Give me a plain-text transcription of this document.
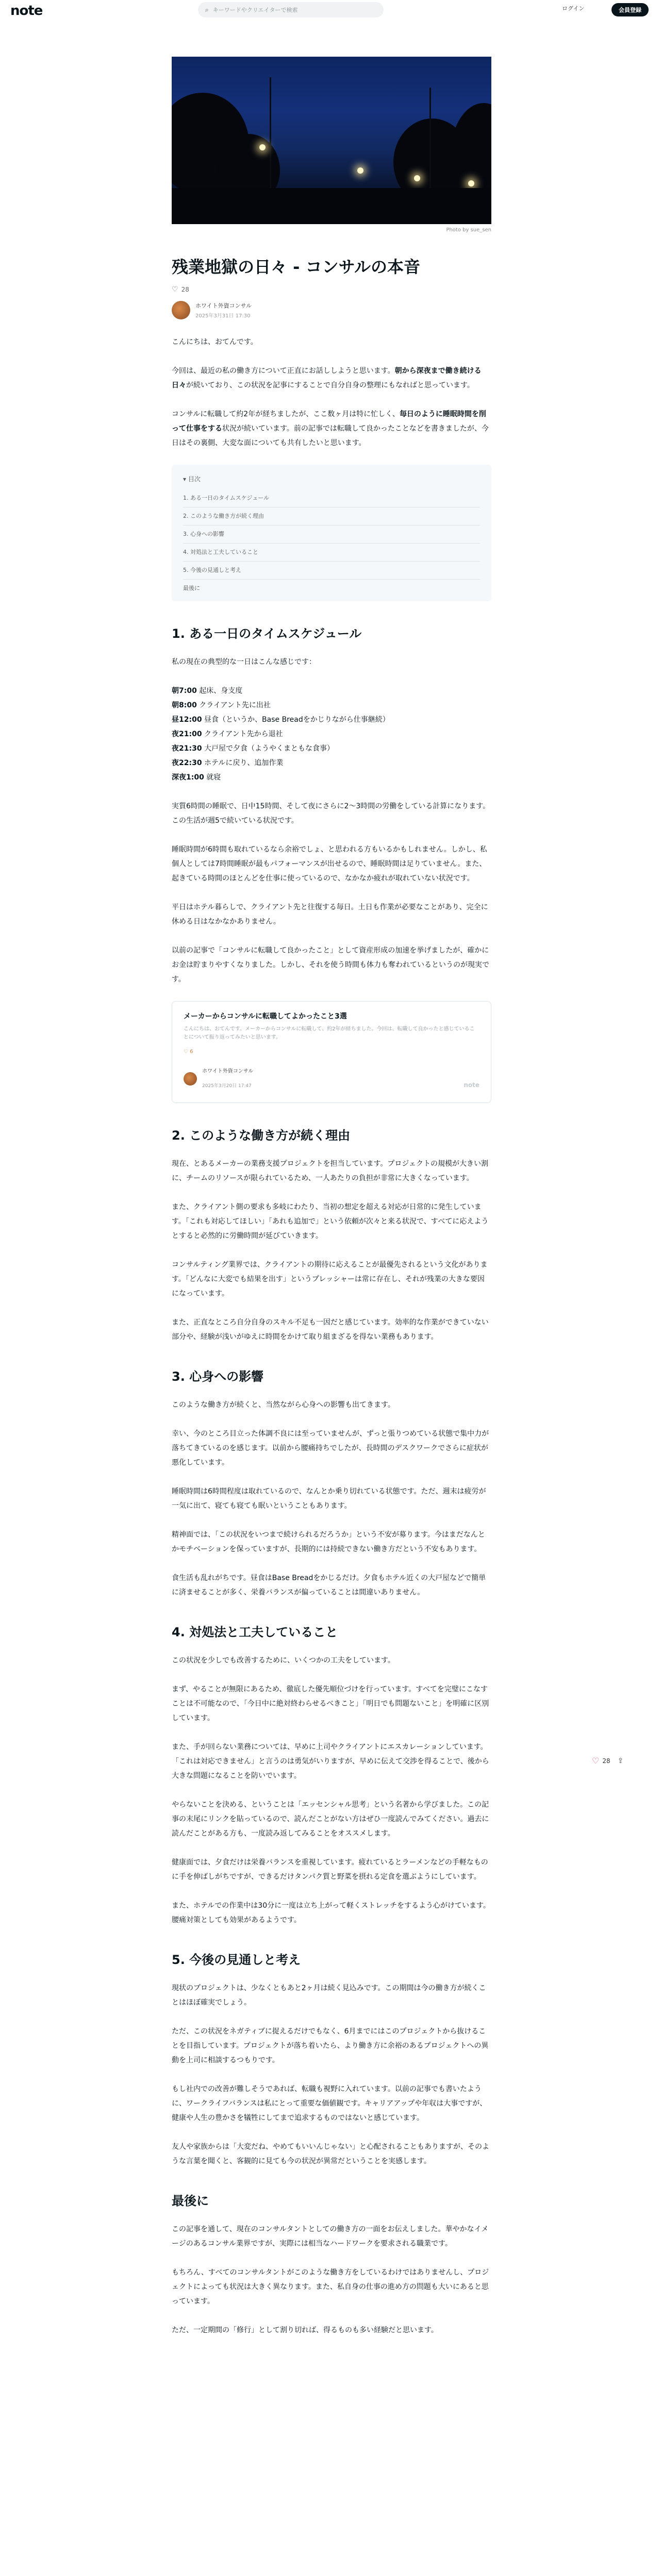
note	⌕ キーワードやクリエイターで検索	ログイン	会員登録
Photo by sue_sen
残業地獄の日々 - コンサルの本音
♡ 28
ホワイト外資コンサル
2025年3月31日 17:30

こんにちは、おてんです。

今回は、最近の私の働き方について正直にお話ししようと思います。朝から深夜まで働き続ける日々が続いており、この状況を記事にすることで自分自身の整理にもなればと思っています。

コンサルに転職して約2年が経ちましたが、ここ数ヶ月は特に忙しく、毎日のように睡眠時間を削って仕事をする状況が続いています。前の記事では転職して良かったことなどを書きましたが、今日はその裏側、大変な面についても共有したいと思います。

▾ 目次
1. ある一日のタイムスケジュール
2. このような働き方が続く理由
3. 心身への影響
4. 対処法と工夫していること
5. 今後の見通しと考え
最後に
1. ある一日のタイムスケジュール

私の現在の典型的な一日はこんな感じです：

朝7:00 起床、身支度

朝8:00 クライアント先に出社

昼12:00 昼食（というか、Base Breadをかじりながら仕事継続）

夜21:00 クライアント先から退社

夜21:30 大戸屋で夕食（ようやくまともな食事）

夜22:30 ホテルに戻り、追加作業

深夜1:00 就寝

実質6時間の睡眠で、日中15時間、そして夜にさらに2〜3時間の労働をしている計算になります。この生活が週5で続いている状況です。

睡眠時間が6時間も取れているなら余裕でしょ、と思われる方もいるかもしれません。しかし、私個人としては7時間睡眠が最もパフォーマンスが出せるので、睡眠時間は足りていません。また、起きている時間のほとんどを仕事に使っているので、なかなか疲れが取れていない状況です。

平日はホテル暮らしで、クライアント先と往復する毎日。土日も作業が必要なことがあり、完全に休める日はなかなかありません。

以前の記事で「コンサルに転職して良かったこと」として資産形成の加速を挙げましたが、確かにお金は貯まりやすくなりました。しかし、それを使う時間も体力も奪われているというのが現実です。

メーカーからコンサルに転職してよかったこと3選
こんにちは、おてんです。メーカーからコンサルに転職して、約2年が経ちました。今回は、転職して良かったと感じていることについて振り返ってみたいと思います。
♡ 6
ホワイト外資コンサル
2025年3月20日 17:47	note
2. このような働き方が続く理由

現在、とあるメーカーの業務支援プロジェクトを担当しています。プロジェクトの規模が大きい割に、チームのリソースが限られているため、一人あたりの負担が非常に大きくなっています。

また、クライアント側の要求も多岐にわたり、当初の想定を超える対応が日常的に発生しています。「これも対応してほしい」「あれも追加で」という依頼が次々と来る状況で、すべてに応えようとすると必然的に労働時間が延びていきます。

コンサルティング業界では、クライアントの期待に応えることが最優先されるという文化があります。「どんなに大変でも結果を出す」というプレッシャーは常に存在し、それが残業の大きな要因になっています。

また、正直なところ自分自身のスキル不足も一因だと感じています。効率的な作業ができていない部分や、経験が浅いがゆえに時間をかけて取り組まざるを得ない業務もあります。

3. 心身への影響

このような働き方が続くと、当然ながら心身への影響も出てきます。

幸い、今のところ目立った体調不良には至っていませんが、ずっと張りつめている状態で集中力が落ちてきているのを感じます。以前から腰痛持ちでしたが、長時間のデスクワークでさらに症状が悪化しています。

睡眠時間は6時間程度は取れているので、なんとか乗り切れている状態です。ただ、週末は疲労が一気に出て、寝ても寝ても眠いということもあります。

精神面では、「この状況をいつまで続けられるだろうか」という不安が募ります。今はまだなんとかモチベーションを保っていますが、長期的には持続できない働き方だという不安もあります。

食生活も乱れがちです。昼食はBase Breadをかじるだけ。夕食もホテル近くの大戸屋などで簡単に済ませることが多く、栄養バランスが偏っていることは間違いありません。

4. 対処法と工夫していること

この状況を少しでも改善するために、いくつかの工夫をしています。

まず、やることが無限にあるため、徹底した優先順位づけを行っています。すべてを完璧にこなすことは不可能なので、「今日中に絶対終わらせるべきこと」「明日でも問題ないこと」を明確に区別しています。

また、手が回らない業務については、早めに上司やクライアントにエスカレーションしています。「これは対応できません」と言うのは勇気がいりますが、早めに伝えて交渉を得ることで、後から大きな問題になることを防いでいます。

やらないことを決める、ということは「エッセンシャル思考」という名著から学びました。この記事の末尾にリンクを貼っているので、読んだことがない方はぜひ一度読んでみてください。過去に読んだことがある方も、一度読み返してみることをオススメします。

健康面では、夕食だけは栄養バランスを重視しています。疲れているとラーメンなどの手軽なものに手を伸ばしがちですが、できるだけタンパク質と野菜を摂れる定食を選ぶようにしています。

また、ホテルでの作業中は30分に一度は立ち上がって軽くストレッチをするよう心がけています。腰痛対策としても効果があるようです。

5. 今後の見通しと考え

現状のプロジェクトは、少なくともあと2ヶ月は続く見込みです。この期間は今の働き方が続くことはほぼ確実でしょう。

ただ、この状況をネガティブに捉えるだけでもなく、6月までにはこのプロジェクトから抜けることを目指しています。プロジェクトが落ち着いたら、より働き方に余裕のあるプロジェクトへの異動を上司に相談するつもりです。

もし社内での改善が難しそうであれば、転職も視野に入れています。以前の記事でも書いたように、ワークライフバランスは私にとって重要な価値観です。キャリアアップや年収は大事ですが、健康や人生の豊かさを犠牲にしてまで追求するものではないと感じています。

友人や家族からは「大変だね、やめてもいいんじゃない」と心配されることもありますが、そのような言葉を聞くと、客観的に見ても今の状況が異常だということを実感します。

最後に

この記事を通して、現在のコンサルタントとしての働き方の一面をお伝えしました。華やかなイメージのあるコンサル業界ですが、実際には相当なハードワークを要求される職業です。

もちろん、すべてのコンサルタントがこのような働き方をしているわけではありませんし、プロジェクトによっても状況は大きく異なります。また、私自身の仕事の進め方の問題も大いにあると思っています。

ただ、一定期間の「修行」として割り切れば、得るものも多い経験だと思います。

♡ 28 ⇪
